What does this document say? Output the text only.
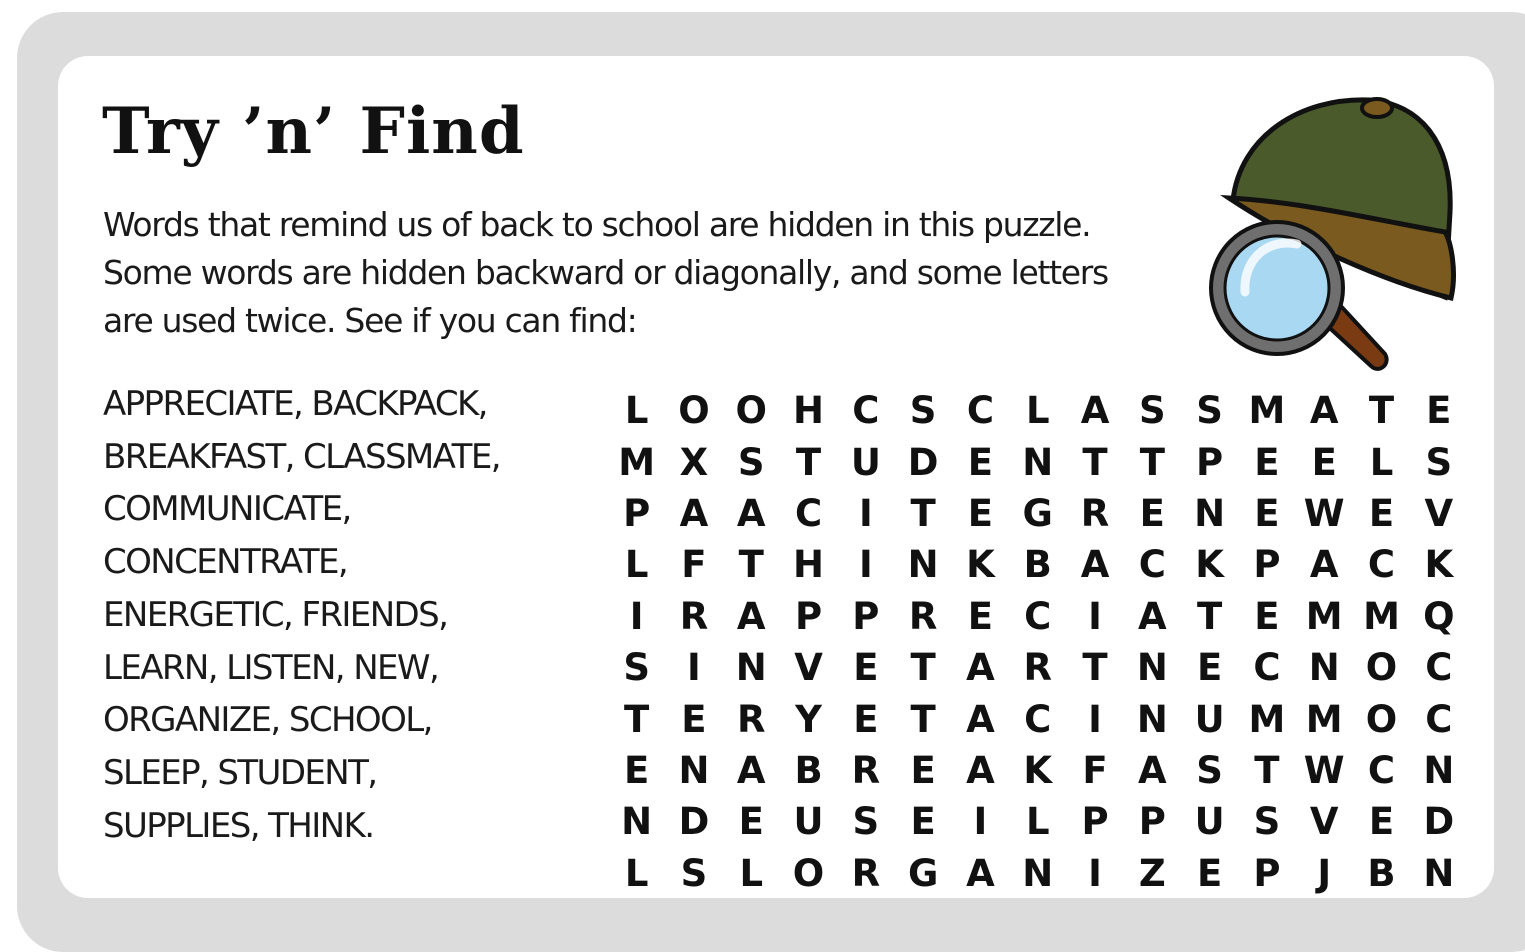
Try ’n’ Find

Words that remind us of back to school are hidden in this puzzle.

Some words are hidden backward or diagonally, and some letters

are used twice. See if you can find:

APPRECIATE, BACKPACK,
BREAKFAST, CLASSMATE,
COMMUNICATE,
CONCENTRATE,
ENERGETIC, FRIENDS,
LEARN, LISTEN, NEW,
ORGANIZE, SCHOOL,
SLEEP, STUDENT,
SUPPLIES, THINK.
L O O H C S C L A S S M A T E
M X S T U D E N T T P E E L S
P A A C I	T E G R E N E W E V
L F T H I N K B A C K P A C K
I R A P P R E C I A T E M M Q
S	I N V E T A R T N E C N O C
T E R Y E T A C I N U M M O C
E N A B R E A K F A S T W C N
N D E U S E	I	L P P U S V E D
L S L O R G A N I Z E P J B N
